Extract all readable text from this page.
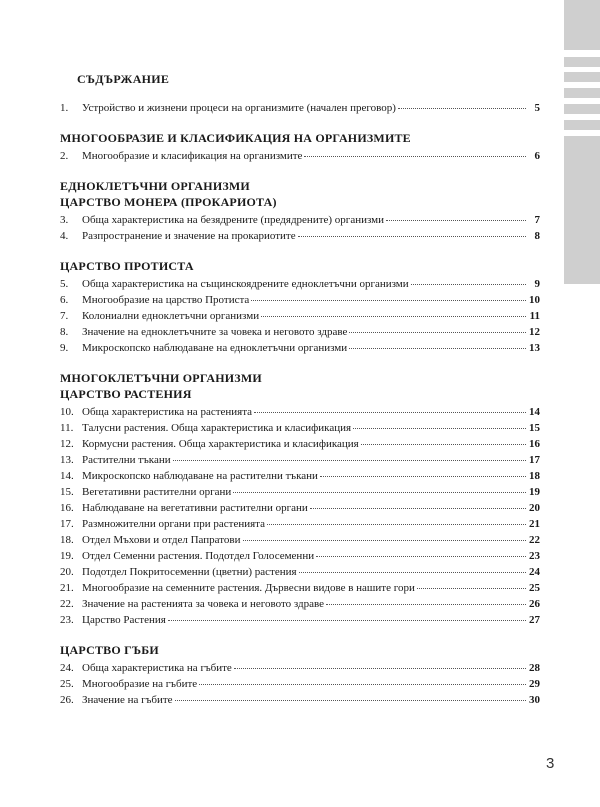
СЪДЪРЖАНИЕ
1.	Устройство и жизнени процеси на организмите (начален преговор)	5
МНОГООБРАЗИЕ И КЛАСИФИКАЦИЯ НА ОРГАНИЗМИТЕ
2.	Многообразие и класификация на организмите	6
ЕДНОКЛЕТЪЧНИ ОРГАНИЗМИ
ЦАРСТВО МОНЕРА (ПРОКАРИОТА)
3.	Обща характеристика на безядрените (предядрените) организми	7
4.	Разпространение и значение на прокариотите	8
ЦАРСТВО ПРОТИСТА
5.	Обща характеристика на същинскоядрените едноклетъчни организми	9
6.	Многообразие на царство Протиста	10
7.	Колониални едноклетъчни организми	11
8.	Значение на едноклетъчните за човека и неговото здраве	12
9.	Микроскопско наблюдаване на едноклетъчни организми	13
МНОГОКЛЕТЪЧНИ ОРГАНИЗМИ
ЦАРСТВО РАСТЕНИЯ
10. Обща характеристика на растенията	14
11. Талусни растения. Обща характеристика и класификация	15
12. Кормусни растения. Обща характеристика и класификация	16
13. Растителни тъкани	17
14. Микроскопско наблюдаване на растителни тъкани	18
15. Вегетативни растителни органи	19
16. Наблюдаване на вегетативни растителни органи	20
17. Размножителни органи при растенията	21
18. Отдел Мъхови и отдел Папратови	22
19. Отдел Семенни растения. Подотдел Голосеменни	23
20. Подотдел Покритосеменни (цветни) растения	24
21. Многообразие на семенните растения. Дървесни видове в нашите гори	25
22. Значение на растенията за човека и неговото здраве	26
23. Царство Растения	27
ЦАРСТВО ГЪБИ
24. Обща характеристика на гъбите	28
25. Многообразие на гъбите	29
26. Значение на гъбите	30
3
